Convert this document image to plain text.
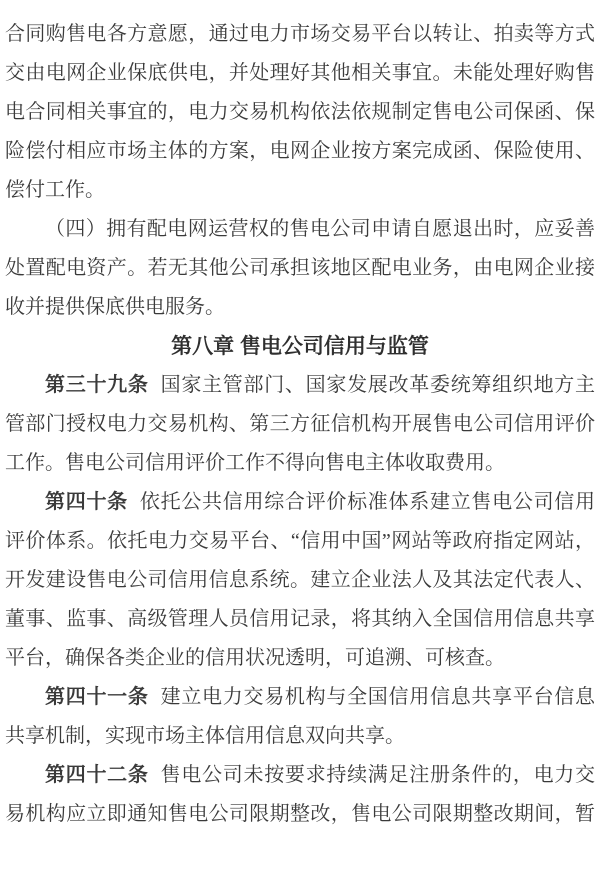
合同购售电各方意愿，通过电力市场交易平台以转让、拍卖等方式
交由电网企业保底供电，并处理好其他相关事宜。未能处理好购售
电合同相关事宜的，电力交易机构依法依规制定售电公司保函、保
险偿付相应市场主体的方案，电网企业按方案完成函、保险使用、
偿付工作。
（四）拥有配电网运营权的售电公司申请自愿退出时，应妥善
处置配电资产。若无其他公司承担该地区配电业务，由电网企业接
收并提供保底供电服务。
第八章 售电公司信用与监管
第三十九条 国家主管部门、国家发展改革委统筹组织地方主
管部门授权电力交易机构、第三方征信机构开展售电公司信用评价
工作。售电公司信用评价工作不得向售电主体收取费用。
第四十条 依托公共信用综合评价标准体系建立售电公司信用
评价体系。依托电力交易平台、“信用中国”网站等政府指定网站，
开发建设售电公司信用信息系统。建立企业法人及其法定代表人、
董事、监事、高级管理人员信用记录，将其纳入全国信用信息共享
平台，确保各类企业的信用状况透明，可追溯、可核查。
第四十一条 建立电力交易机构与全国信用信息共享平台信息
共享机制，实现市场主体信用信息双向共享。
第四十二条 售电公司未按要求持续满足注册条件的，电力交
易机构应立即通知售电公司限期整改，售电公司限期整改期间，暂
